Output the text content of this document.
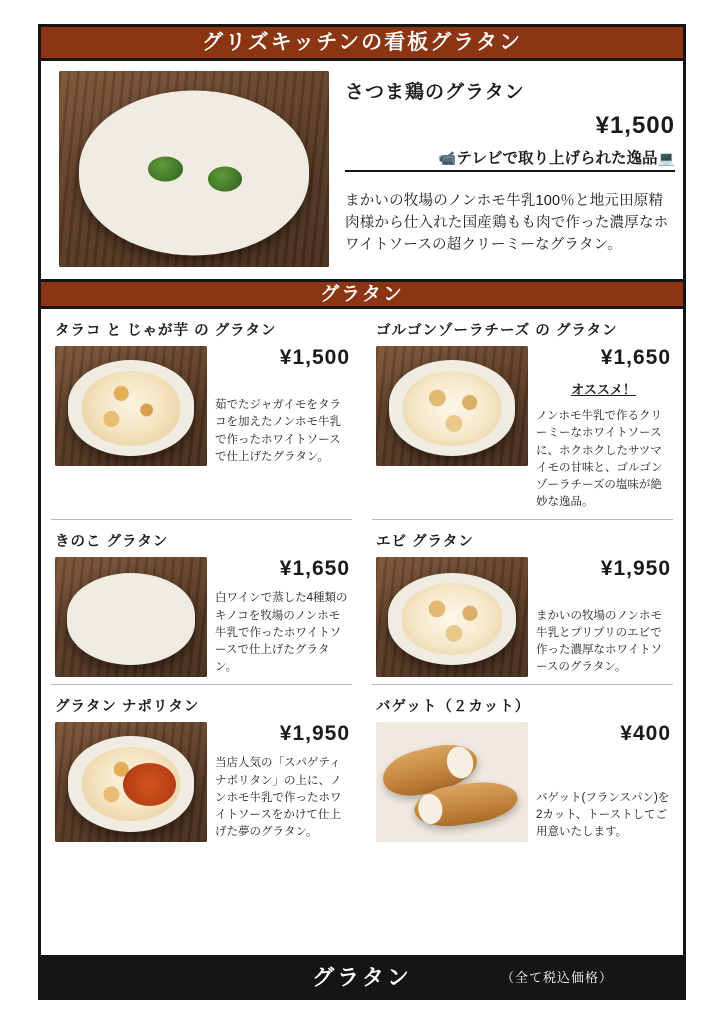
グリズキッチンの看板グラタン
さつま鶏のグラタン
¥1,500
📹テレビで取り上げられた逸品💻
まかいの牧場のノンホモ牛乳100％と地元田原精肉様から仕入れた国産鶏もも肉で作った濃厚なホワイトソースの超クリーミーなグラタン。
グラタン
タラコ と じゃが芋 の グラタン
¥1,500
茹でたジャガイモをタラコを加えたノンホモ牛乳で作ったホワイトソースで仕上げたグラタン。
ゴルゴンゾーラチーズ の グラタン
¥1,650
オススメ！
ノンホモ牛乳で作るクリーミーなホワイトソースに、ホクホクしたサツマイモの甘味と、ゴルゴンゾーラチーズの塩味が絶妙な逸品。
きのこ グラタン
¥1,650
白ワインで蒸した4種類のキノコを牧場のノンホモ牛乳で作ったホワイトソースで仕上げたグラタン。
エビ グラタン
¥1,950
まかいの牧場のノンホモ牛乳とプリプリのエビで作った濃厚なホワイトソースのグラタン。
グラタン ナポリタン
¥1,950
当店人気の「スパゲティ ナポリタン」の上に、ノンホモ牛乳で作ったホワイトソースをかけて仕上げた夢のグラタン。
バゲット（２カット）
¥400
バゲット(フランスパン)を2カット、トーストしてご用意いたします。
グラタン	（全て税込価格）
